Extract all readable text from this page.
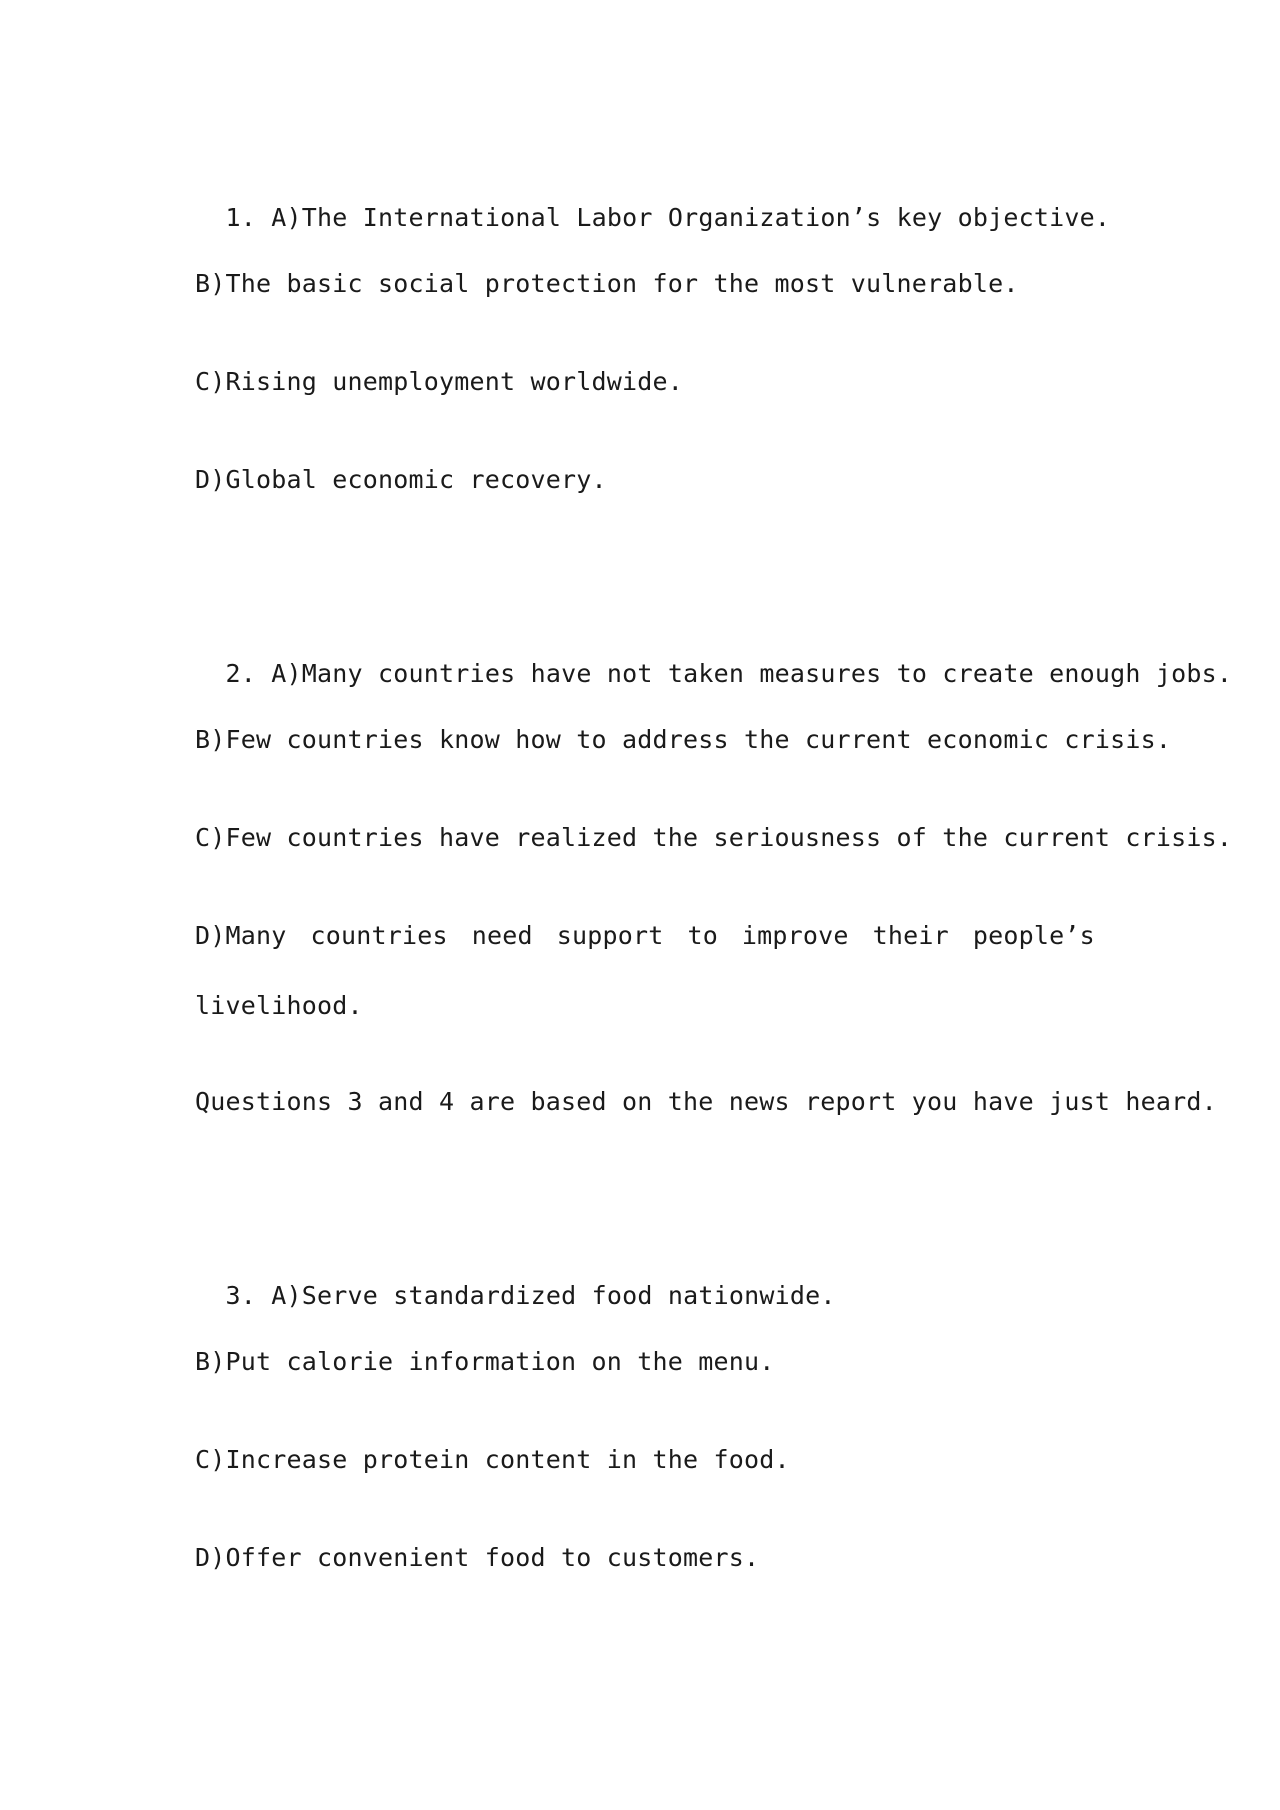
1. A)The International Labor Organization’s key objective.

B)The basic social protection for the most vulnerable.
C)Rising unemployment worldwide.
D)Global economic recovery.

2. A)Many countries have not taken measures to create enough jobs.

B)Few countries know how to address the current economic crisis.
C)Few countries have realized the seriousness of the current crisis.
D)Many countries need support to improve their people’s
livelihood.
Questions 3 and 4 are based on the news report you have just heard.

3. A)Serve standardized food nationwide.

B)Put calorie information on the menu.
C)Increase protein content in the food.
D)Offer convenient food to customers.
